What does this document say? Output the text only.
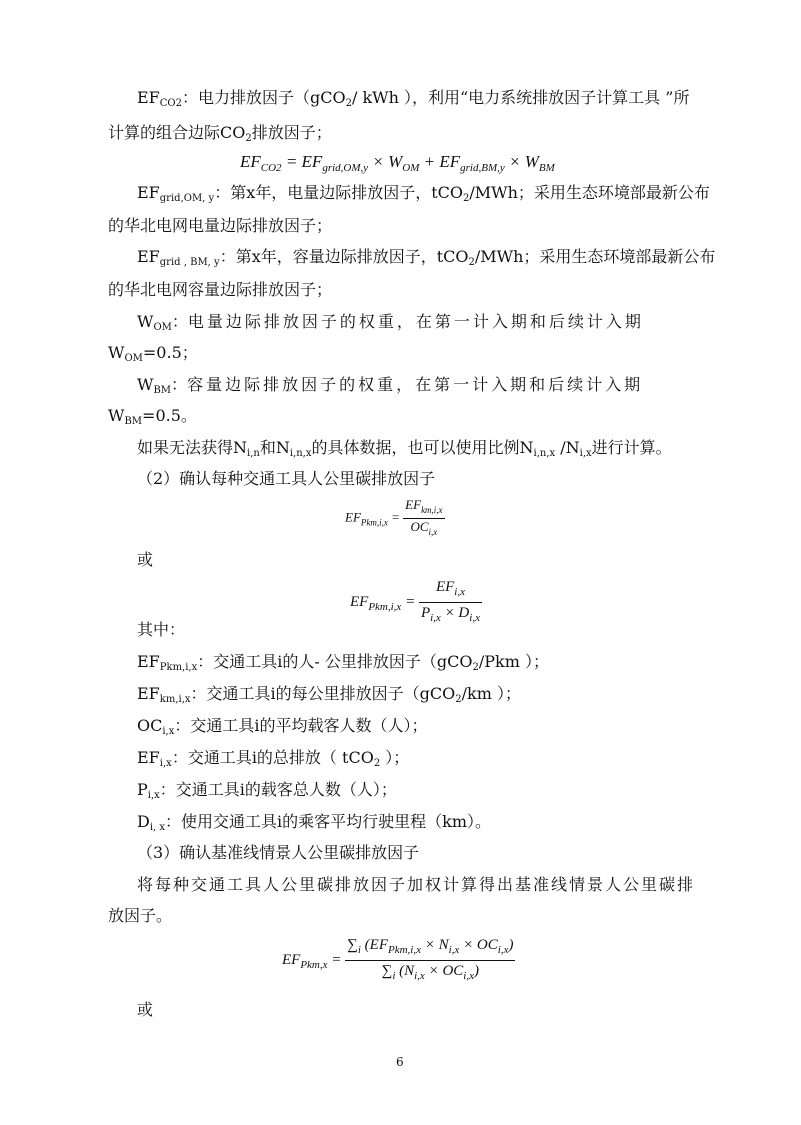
$EF_{CO2}$：电力排放因子（gCO$_2$/ kWh ），利用“电力系统排放因子计算工具 ”所
计算的组合边际$CO_2$排放因子；
$EF_{CO2} = EF_{grid,OM,y} \times W_{OM} + EF_{grid,BM,y} \times W_{BM}$
$EF_{grid,OM, y}$：第x年，电量边际排放因子，tCO$_2$/MWh；采用生态环境部最新公布
的华北电网电量边际排放因子；
$EF_{grid , BM, y}$：第x年，容量边际排放因子，tCO$_2$/MWh；采用生态环境部最新公布
的华北电网容量边际排放因子；
$W_{OM}$：电量边际排放因子的权重，在第一计入期和后续计入期
$W_{OM}=0.5$；
$W_{BM}$：容量边际排放因子的权重，在第一计入期和后续计入期
$W_{BM}=0.5$。
如果无法获得$N_{i,n}$和$N_{i,n,x}$的具体数据，也可以使用比例$N_{i,n,x}$ $/N_{i,x}$进行计算。
（2）确认每种交通工具人公里碳排放因子
$EF_{Pkm,i,x} = \frac{EF_{km,i,x}}{OC_{i,x}}$
或
$EF_{Pkm,i,x} = \frac{EF_{i,x}}{P_{i,x} \times D_{i,x}}$
其中：
$EF_{Pkm,i,x}$：交通工具i的人- 公里排放因子（gCO$_2$/Pkm ）；
$EF_{km,i,x}$：交通工具i的每公里排放因子（gCO$_2$/km ）；
$OC_{i,x}$：交通工具i的平均载客人数（人）；
$EF_{i,x}$：交通工具i的总排放（ tCO$_2$ ）；
$P_{i,x}$：交通工具i的载客总人数（人）；
$D_{i, x}$：使用交通工具i的乘客平均行驶里程（km）。
（3）确认基准线情景人公里碳排放因子
将每种交通工具人公里碳排放因子加权计算得出基准线情景人公里碳排
放因子。
$EF_{Pkm,x} = \frac{\sum_i (EF_{Pkm,i,x} \times N_{i,x} \times OC_{i,x})}{\sum_i (N_{i,x} \times OC_{i,x})}$
或
6
